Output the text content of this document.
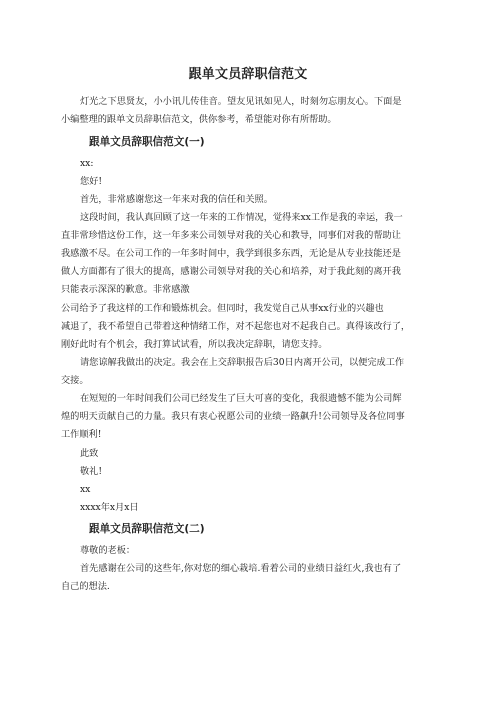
跟单文员辞职信范文
灯光之下思贤友，小小讯儿传佳音。望友见讯如见人，时刻勿忘朋友心。下面是
小编整理的跟单文员辞职信范文，供你参考，希望能对你有所帮助。
跟单文员辞职信范文(一)
xx:
您好!
首先，非常感谢您这一年来对我的信任和关照。
这段时间，我认真回顾了这一年来的工作情况，觉得来xx工作是我的幸运，我一
直非常珍惜这份工作，这一年多来公司领导对我的关心和教导，同事们对我的帮助让
我感激不尽。在公司工作的一年多时间中，我学到很多东西，无论是从专业技能还是
做人方面都有了很大的提高，感谢公司领导对我的关心和培养，对于我此刻的离开我
只能表示深深的歉意。非常感激
公司给予了我这样的工作和锻炼机会。但同时，我发觉自己从事xx行业的兴趣也
减退了，我不希望自己带着这种情绪工作，对不起您也对不起我自己。真得该改行了，
刚好此时有个机会，我打算试试看，所以我决定辞职，请您支持。
请您谅解我做出的决定。我会在上交辞职报告后30日内离开公司，以便完成工作
交接。
在短短的一年时间我们公司已经发生了巨大可喜的变化，我很遗憾不能为公司辉
煌的明天贡献自己的力量。我只有衷心祝愿公司的业绩一路飙升!公司领导及各位同事
工作顺利!
此致
敬礼!
xx
xxxx年x月x日
跟单文员辞职信范文(二)
尊敬的老板：
首先感谢在公司的这些年,你对您的细心栽培.看着公司的业绩日益红火,我也有了
自己的想法.
